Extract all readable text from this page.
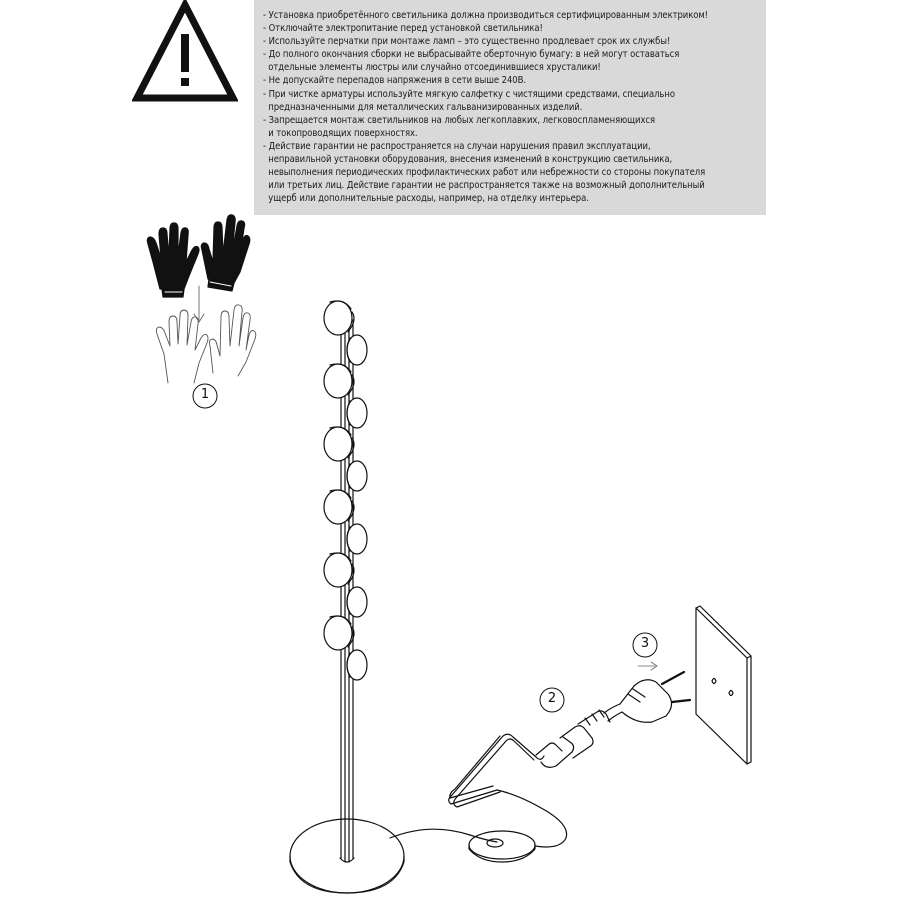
- Установка приобретённого светильника должна производиться сертифицированным электриком!
- Отключайте электропитание перед установкой светильника!
- Используйте перчатки при монтаже ламп – это существенно продлевает срок их службы!
- До полного окончания сборки не выбрасывайте обертoчную бумагу: в ней могут оставаться
отдельные элементы люстры или случайно отсоединившиеся хрусталики!
- Не допускайте перепадов напряжения в сети выше 240В.
- При чистке арматуры используйте мягкую салфетку с чистящими средствами, специально
предназначенными для металлических гальванизированных изделий.
- Запрещается монтаж светильников на любых легкоплавких, легковоспламеняющихся
и токопроводящих поверхностях.
- Действие гарантии не распространяется на случаи нарушения правил эксплуатации,
неправильной установки оборудования, внесения изменений в конструкцию светильника,
невыполнения периодических профилактических работ или небрежности со стороны покупателя
или третьих лиц. Действие гарантии не распространяется также на возможный дополнительный
ущерб или дополнительные расходы, например, на отделку интерьера.
1
2
3
